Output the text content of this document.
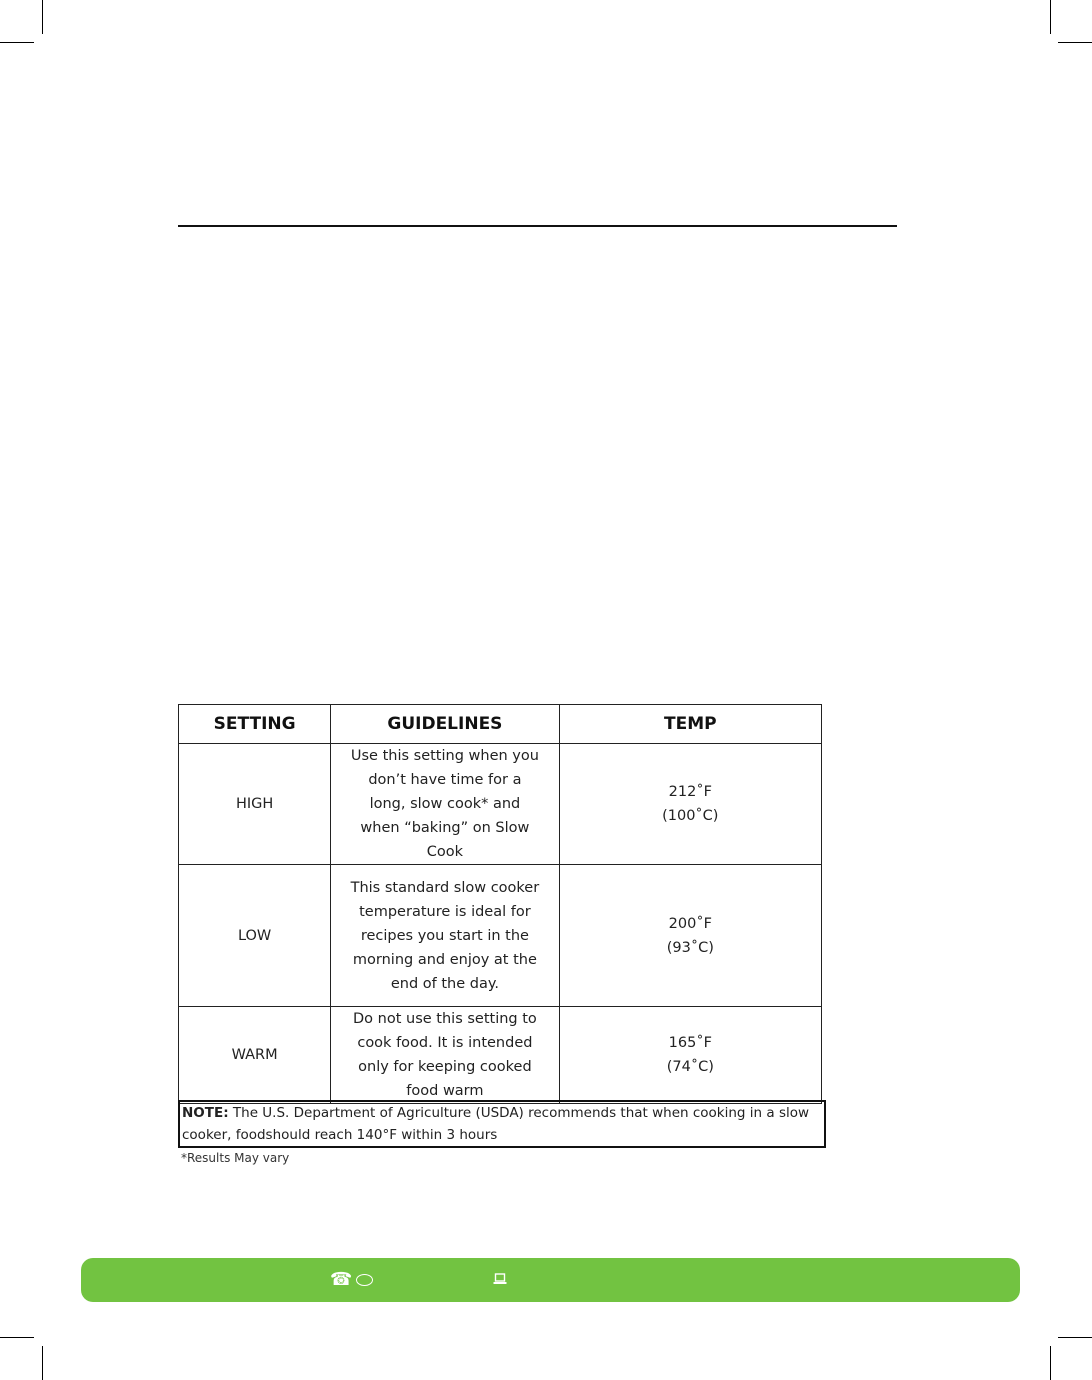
SETTING	GUIDELINES	TEMP
HIGH	Use this setting when you don’t have time for a long, slow cook* and when “baking” on Slow Cook	212˚F
(100˚C)

LOW	This standard slow cooker temperature is ideal for recipes you start in the morning and enjoy at the end of the day.	200˚F
(93˚C)

WARM	Do not use this setting to cook food. It is intended only for keeping cooked food warm	165˚F
(74˚C)
NOTE: The U.S. Department of Agriculture (USDA) recommends that when cooking in a slow cooker, foodshould reach 140°F within 3 hours
*Results May vary
☎
